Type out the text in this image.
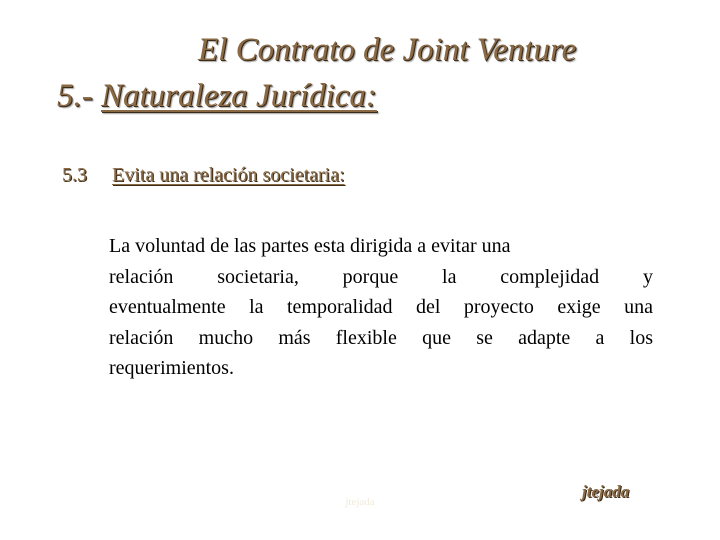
El Contrato de Joint Venture
5.- Naturaleza Jurídica:
5.3 Evita una relación societaria:
La voluntad de las partes esta dirigida a evitar una
relación societaria, porque la complejidad y
eventualmente la temporalidad del proyecto exige una
relación mucho más flexible que se adapte a los
requerimientos.
jtejada
jtejada
